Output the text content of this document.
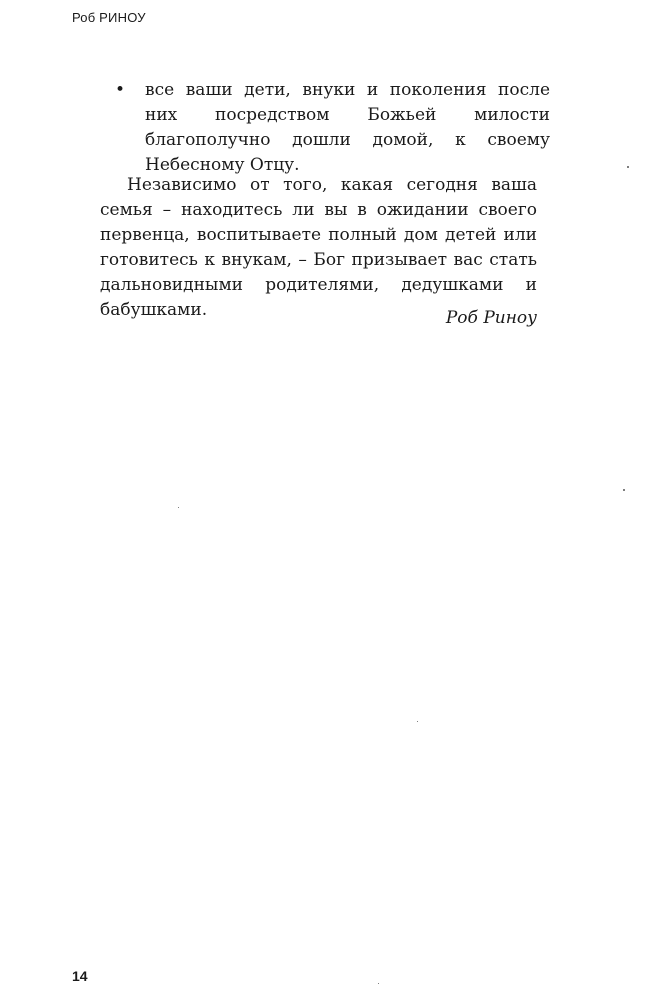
Роб РИНОУ
• все ваши дети, внуки и поколения после них посредством Божьей милости благополучно дошли домой, к своему Небесному Отцу.

Независимо от того, какая сегодня ваша семья – находитесь ли вы в ожидании своего первенца, воспитываете полный дом детей или готовитесь к внукам, – Бог призывает вас стать дальновидными родителями, дедушками и бабушками.	Роб Риноу
14
